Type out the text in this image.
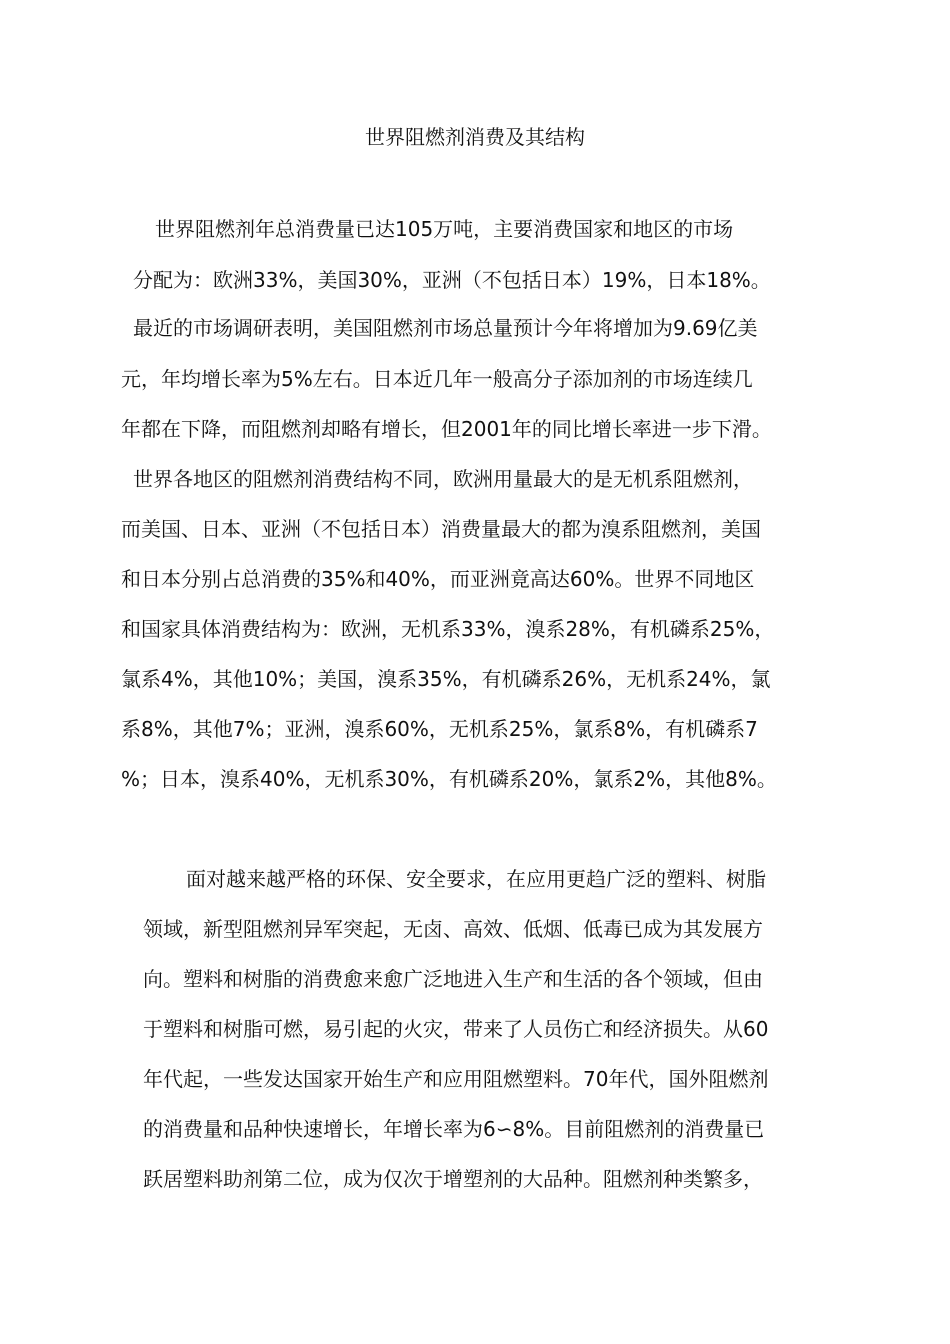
世界阻燃剂消费及其结构
世界阻燃剂年总消费量已达105万吨，主要消费国家和地区的市场
分配为：欧洲33%，美国30%，亚洲（不包括日本）19%，日本18%。
最近的市场调研表明，美国阻燃剂市场总量预计今年将增加为9.69亿美
元，年均增长率为5%左右。日本近几年一般高分子添加剂的市场连续几
年都在下降，而阻燃剂却略有增长，但2001年的同比增长率进一步下滑。
世界各地区的阻燃剂消费结构不同，欧洲用量最大的是无机系阻燃剂，
而美国、日本、亚洲（不包括日本）消费量最大的都为溴系阻燃剂，美国
和日本分别占总消费的35%和40%，而亚洲竟高达60%。世界不同地区
和国家具体消费结构为：欧洲，无机系33%，溴系28%，有机磷系25%，
氯系4%，其他10%；美国，溴系35%，有机磷系26%，无机系24%，氯
系8%，其他7%；亚洲，溴系60%，无机系25%，氯系8%，有机磷系7
%；日本，溴系40%，无机系30%，有机磷系20%，氯系2%，其他8%。
面对越来越严格的环保、安全要求，在应用更趋广泛的塑料、树脂
领域，新型阻燃剂异军突起，无卤、高效、低烟、低毒已成为其发展方
向。塑料和树脂的消费愈来愈广泛地进入生产和生活的各个领域，但由
于塑料和树脂可燃，易引起的火灾，带来了人员伤亡和经济损失。从60
年代起，一些发达国家开始生产和应用阻燃塑料。70年代，国外阻燃剂
的消费量和品种快速增长，年增长率为6∽8%。目前阻燃剂的消费量已
跃居塑料助剂第二位，成为仅次于增塑剂的大品种。阻燃剂种类繁多，
